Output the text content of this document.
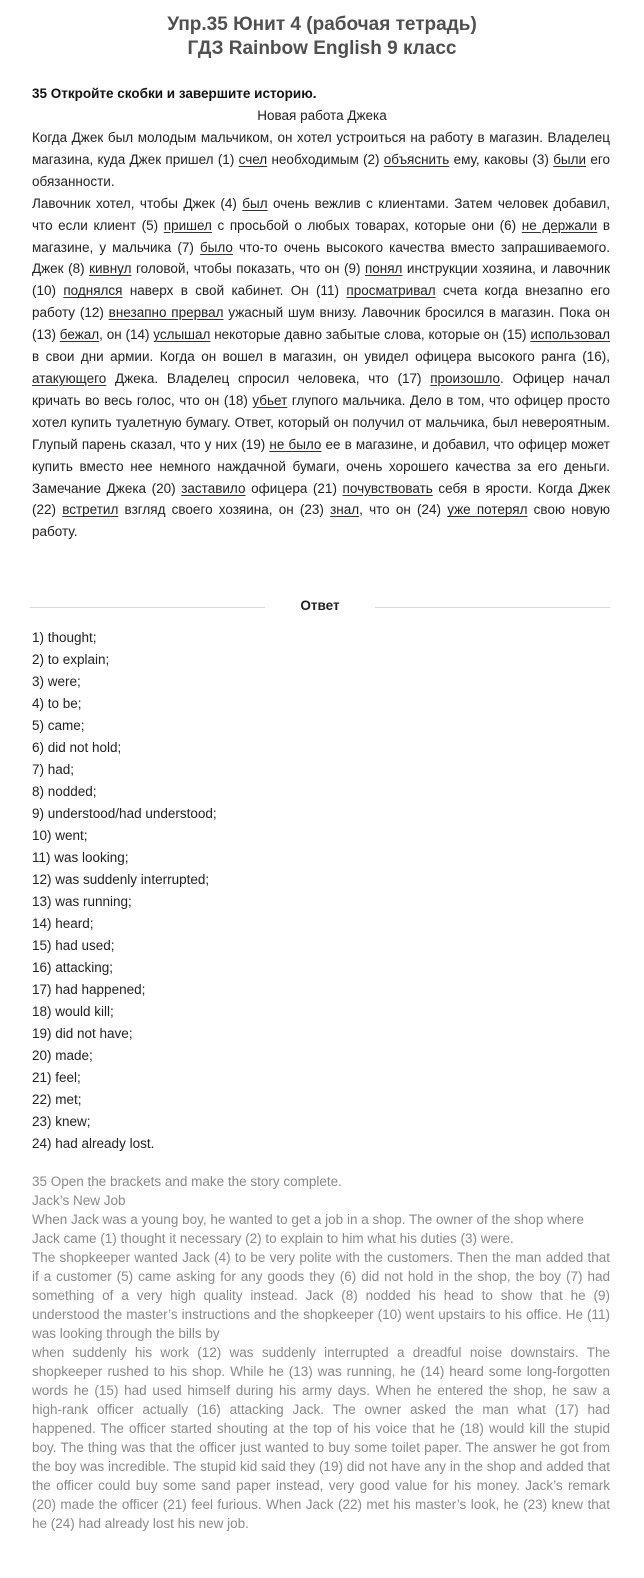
Упр.35 Юнит 4 (рабочая тетрадь)
ГДЗ Rainbow English 9 класс
35 Откройте скобки и завершите историю.
Новая работа Джека

Когда Джек был молодым мальчиком, он хотел устроиться на работу в магазин. Владелец магазина, куда Джек пришел (1) счел необходимым (2) объяснить ему, каковы (3) были его обязанности.

Лавочник хотел, чтобы Джек (4) был очень вежлив с клиентами. Затем человек добавил, что если клиент (5) пришел с просьбой о любых товарах, которые они (6) не держали в магазине, у мальчика (7) было что-то очень высокого качества вместо запрашиваемого. Джек (8) кивнул головой, чтобы показать, что он (9) понял инструкции хозяина, и лавочник (10) поднялся наверх в свой кабинет. Он (11) просматривал счета когда внезапно его работу (12) внезапно прервал ужасный шум внизу. Лавочник бросился в магазин. Пока он (13) бежал, он (14) услышал некоторые давно забытые слова, которые он (15) использовал в свои дни армии. Когда он вошел в магазин, он увидел офицера высокого ранга (16), атакующего Джека. Владелец спросил человека, что (17) произошло. Офицер начал кричать во весь голос, что он (18) убьет глупого мальчика. Дело в том, что офицер просто хотел купить туалетную бумагу. Ответ, который он получил от мальчика, был невероятным. Глупый парень сказал, что у них (19) не было ее в магазине, и добавил, что офицер может купить вместо нее немного наждачной бумаги, очень хорошего качества за его деньги. Замечание Джека (20) заставило офицера (21) почувствовать себя в ярости. Когда Джек (22) встретил взгляд своего хозяина, он (23) знал, что он (24) уже потерял свою новую работу.

Ответ
1) thought;
2) to explain;
3) were;
4) to be;
5) came;
6) did not hold;
7) had;
8) nodded;
9) understood/had understood;
10) went;
11) was looking;
12) was suddenly interrupted;
13) was running;
14) heard;
15) had used;
16) attacking;
17) had happened;
18) would kill;
19) did not have;
20) made;
21) feel;
22) met;
23) knew;
24) had already lost.

35 Open the brackets and make the story complete.

Jack’s New Job

When Jack was a young boy, he wanted to get a job in a shop. The owner of the shop where

Jack came (1) thought it necessary (2) to explain to him what his duties (3) were.

The shopkeeper wanted Jack (4) to be very polite with the customers. Then the man added that if a customer (5) came asking for any goods they (6) did not hold in the shop, the boy (7) had something of a very high quality instead. Jack (8) nodded his head to show that he (9) understood the master’s instructions and the shopkeeper (10) went upstairs to his office. He (11) was looking through the bills by

when suddenly his work (12) was suddenly interrupted a dreadful noise downstairs. The shopkeeper rushed to his shop. While he (13) was running, he (14) heard some long-forgotten words he (15) had used himself during his army days. When he entered the shop, he saw a high-rank officer actually (16) attacking Jack. The owner asked the man what (17) had happened. The officer started shouting at the top of his voice that he (18) would kill the stupid boy. The thing was that the officer just wanted to buy some toilet paper. The answer he got from the boy was incredible. The stupid kid said they (19) did not have any in the shop and added that the officer could buy some sand paper instead, very good value for his money. Jack’s remark (20) made the officer (21) feel furious. When Jack (22) met his master’s look, he (23) knew that he (24) had already lost his new job.
